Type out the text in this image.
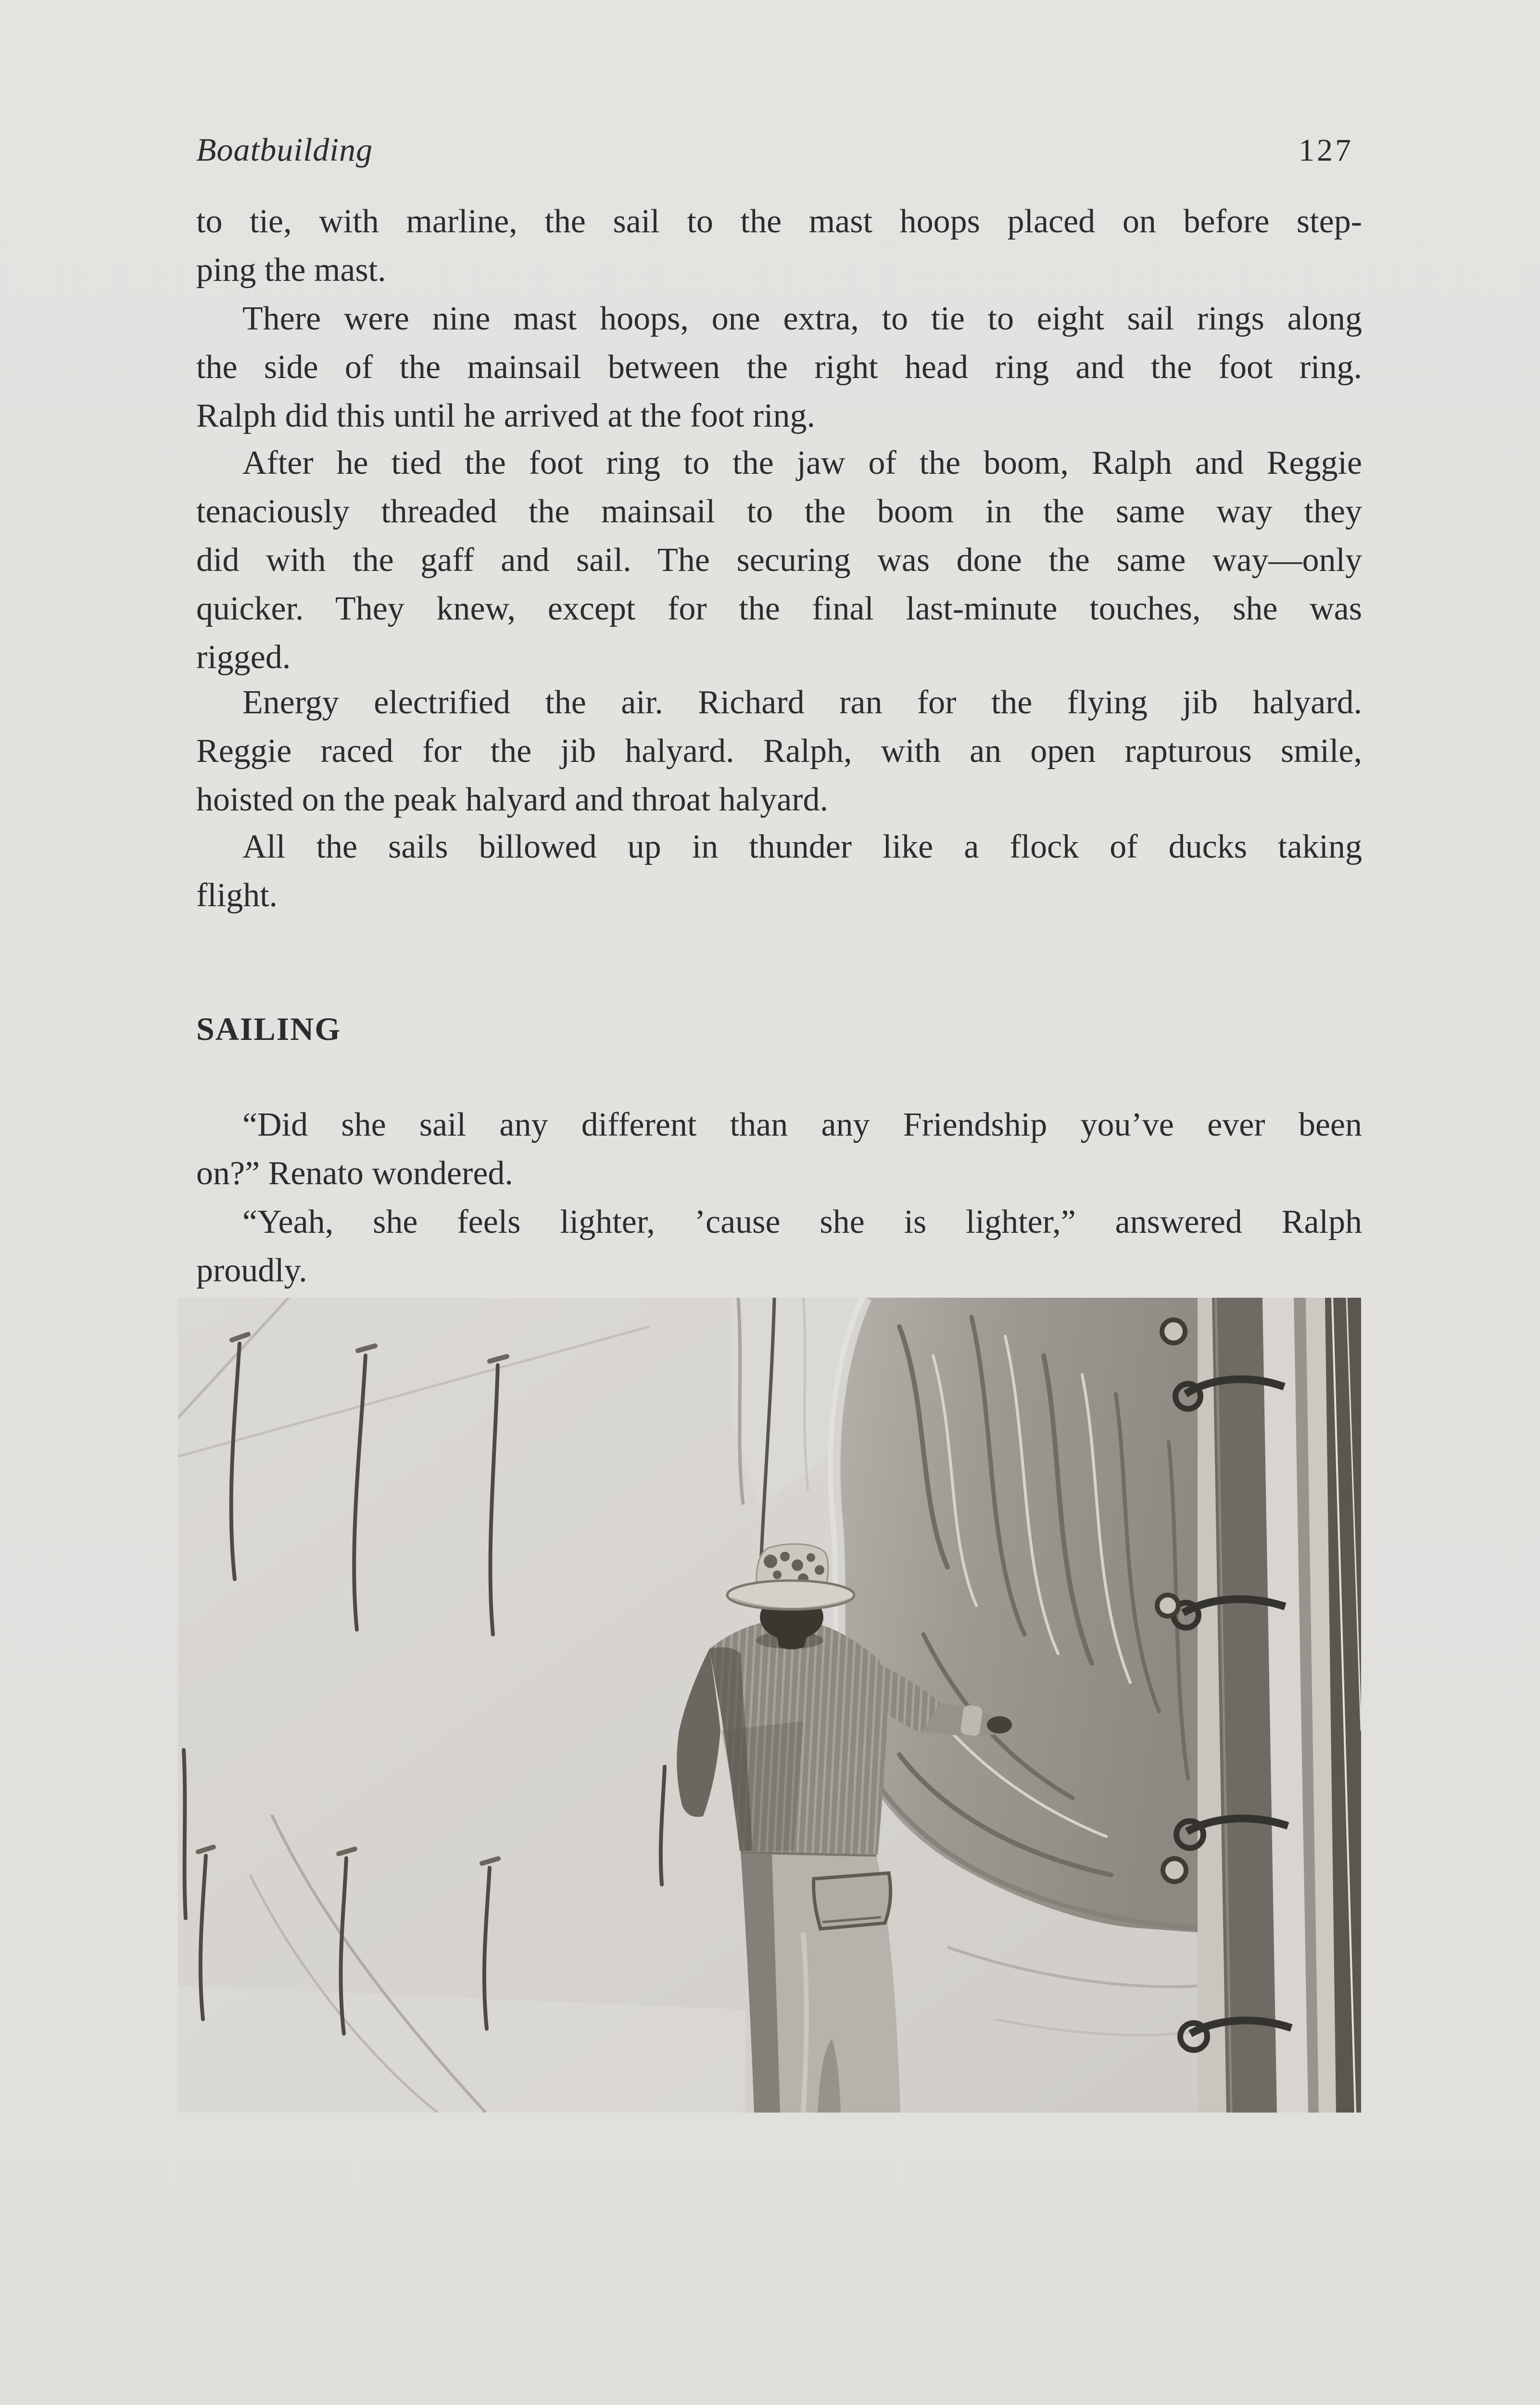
Boatbuilding	127
to tie, with marline, the sail to the mast hoops placed on before step-
ping the mast.
There were nine mast hoops, one extra, to tie to eight sail rings along
the side of the mainsail between the right head ring and the foot ring.
Ralph did this until he arrived at the foot ring.
After he tied the foot ring to the jaw of the boom, Ralph and Reggie
tenaciously threaded the mainsail to the boom in the same way they
did with the gaff and sail. The securing was done the same way—only
quicker. They knew, except for the final last-minute touches, she was
rigged.
Energy electrified the air. Richard ran for the flying jib halyard.
Reggie raced for the jib halyard. Ralph, with an open rapturous smile,
hoisted on the peak halyard and throat halyard.
All the sails billowed up in thunder like a flock of ducks taking
flight.
SAILING
“Did she sail any different than any Friendship you’ve ever been
on?” Renato wondered.
“Yeah, she feels lighter, ’cause she is lighter,” answered Ralph
proudly.
